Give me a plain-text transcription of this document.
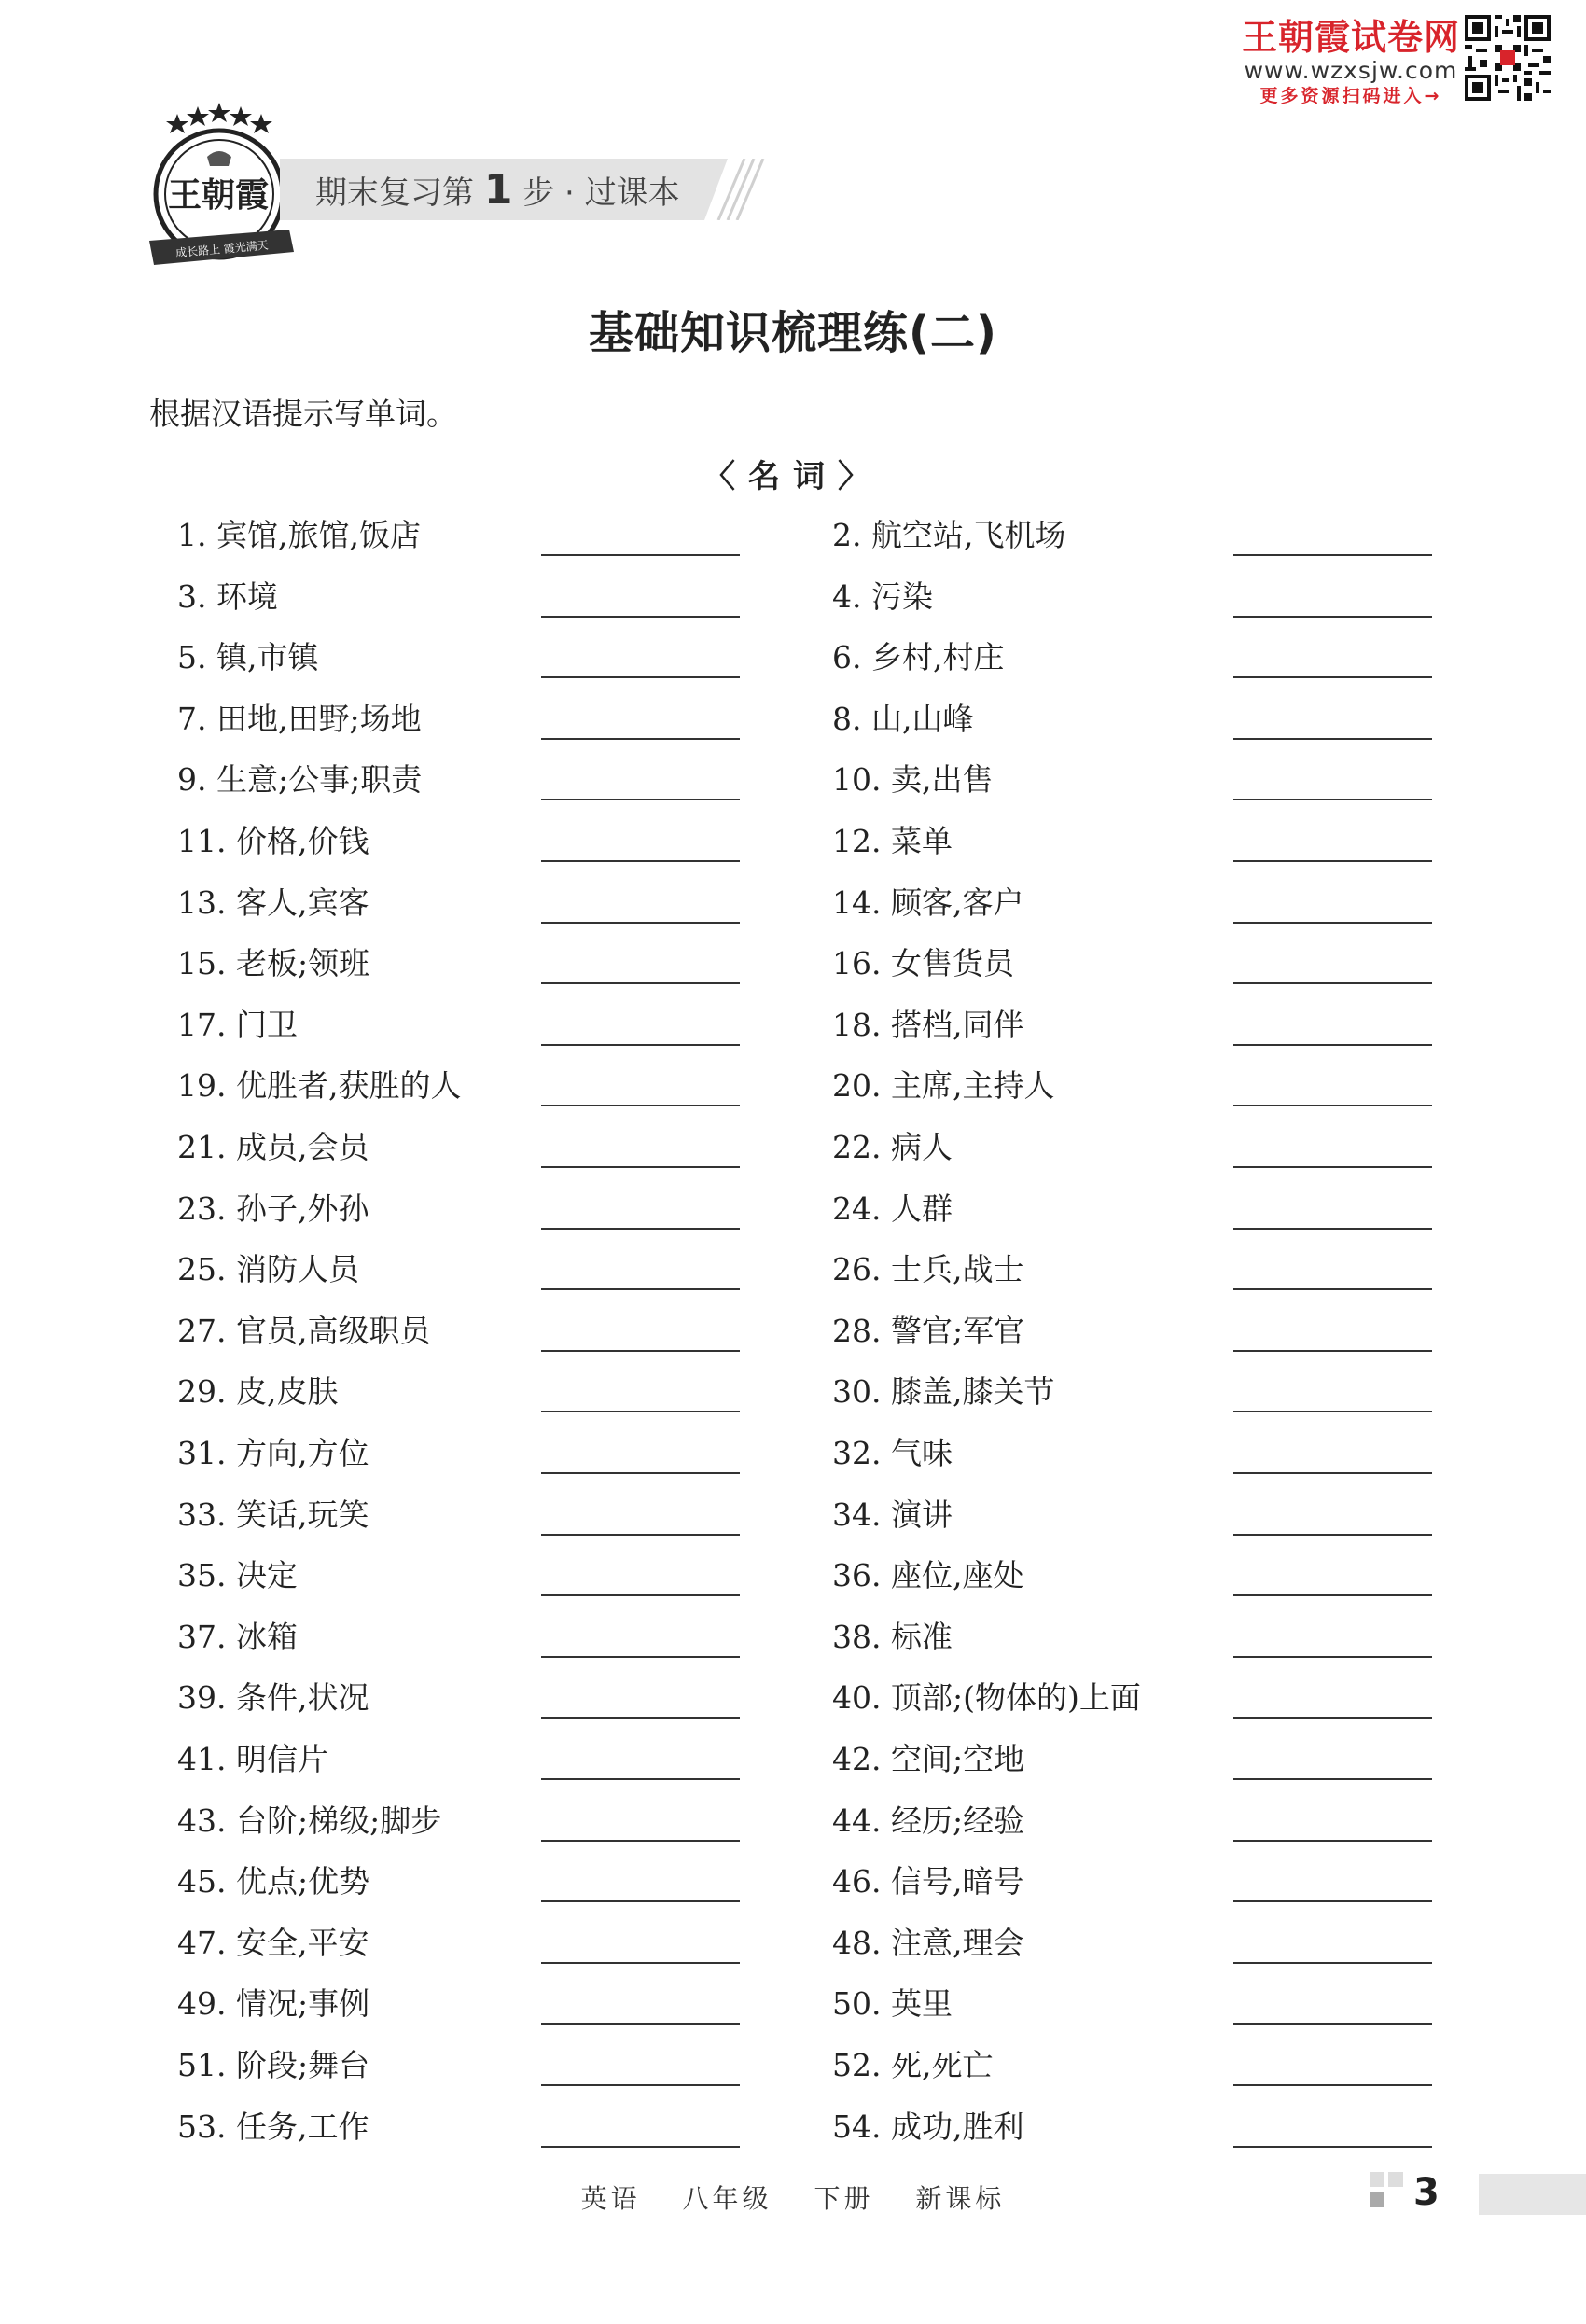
王朝霞试卷网
www.wzxsjw.com
更多资源扫码进入→
王朝霞
成长路上 霞光满天
期末复习第 1 步 · 过课本
基础知识梳理练(二)
根据汉语提示写单词。
〈名词〉
1. 宾馆,旅馆,饭店	2. 航空站,飞机场
3. 环境	4. 污染
5. 镇,市镇	6. 乡村,村庄
7. 田地,田野;场地	8. 山,山峰
9. 生意;公事;职责	10. 卖,出售
11. 价格,价钱	12. 菜单
13. 客人,宾客	14. 顾客,客户
15. 老板;领班	16. 女售货员
17. 门卫	18. 搭档,同伴
19. 优胜者,获胜的人	20. 主席,主持人
21. 成员,会员	22. 病人
23. 孙子,外孙	24. 人群
25. 消防人员	26. 士兵,战士
27. 官员,高级职员	28. 警官;军官
29. 皮,皮肤	30. 膝盖,膝关节
31. 方向,方位	32. 气味
33. 笑话,玩笑	34. 演讲
35. 决定	36. 座位,座处
37. 冰箱	38. 标准
39. 条件,状况	40. 顶部;(物体的)上面
41. 明信片	42. 空间;空地
43. 台阶;梯级;脚步	44. 经历;经验
45. 优点;优势	46. 信号,暗号
47. 安全,平安	48. 注意,理会
49. 情况;事例	50. 英里
51. 阶段;舞台	52. 死,死亡
53. 任务,工作	54. 成功,胜利
英语 八年级 下册 新课标	3
